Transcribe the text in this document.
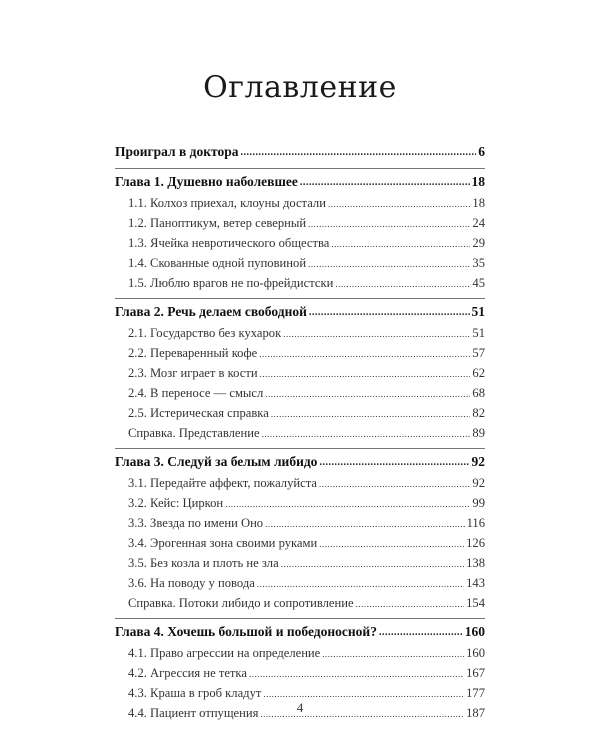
Оглавление
Проиграл в доктора .....	6
Глава 1. Душевно наболевшее .....	18
1.1. Колхоз приехал, клоуны достали .....	18
1.2. Паноптикум, ветер северный .....	24
1.3. Ячейка невротического общества .....	29
1.4. Скованные одной пуповиной .....	35
1.5. Люблю врагов не по-фрейдистски .....	45
Глава 2. Речь делаем свободной .....	51
2.1. Государство без кухарок .....	51
2.2. Переваренный кофе .....	57
2.3. Мозг играет в кости .....	62
2.4. В переносе — смысл .....	68
2.5. Истерическая справка .....	82
Справка. Представление .....	89
Глава 3. Следуй за белым либидо .....	92
3.1. Передайте аффект, пожалуйста .....	92
3.2. Кейс: Циркон .....	99
3.3. Звезда по имени Оно .....	116
3.4. Эрогенная зона своими руками .....	126
3.5. Без козла и плоть не зла .....	138
3.6. На поводу у повода .....	143
Справка. Потоки либидо и сопротивление .....	154
Глава 4. Хочешь большой и победоносной? .....	160
4.1. Право агрессии на определение .....	160
4.2. Агрессия не тетка .....	167
4.3. Краша в гроб кладут .....	177
4.4. Пациент отпущения .....	187
4
